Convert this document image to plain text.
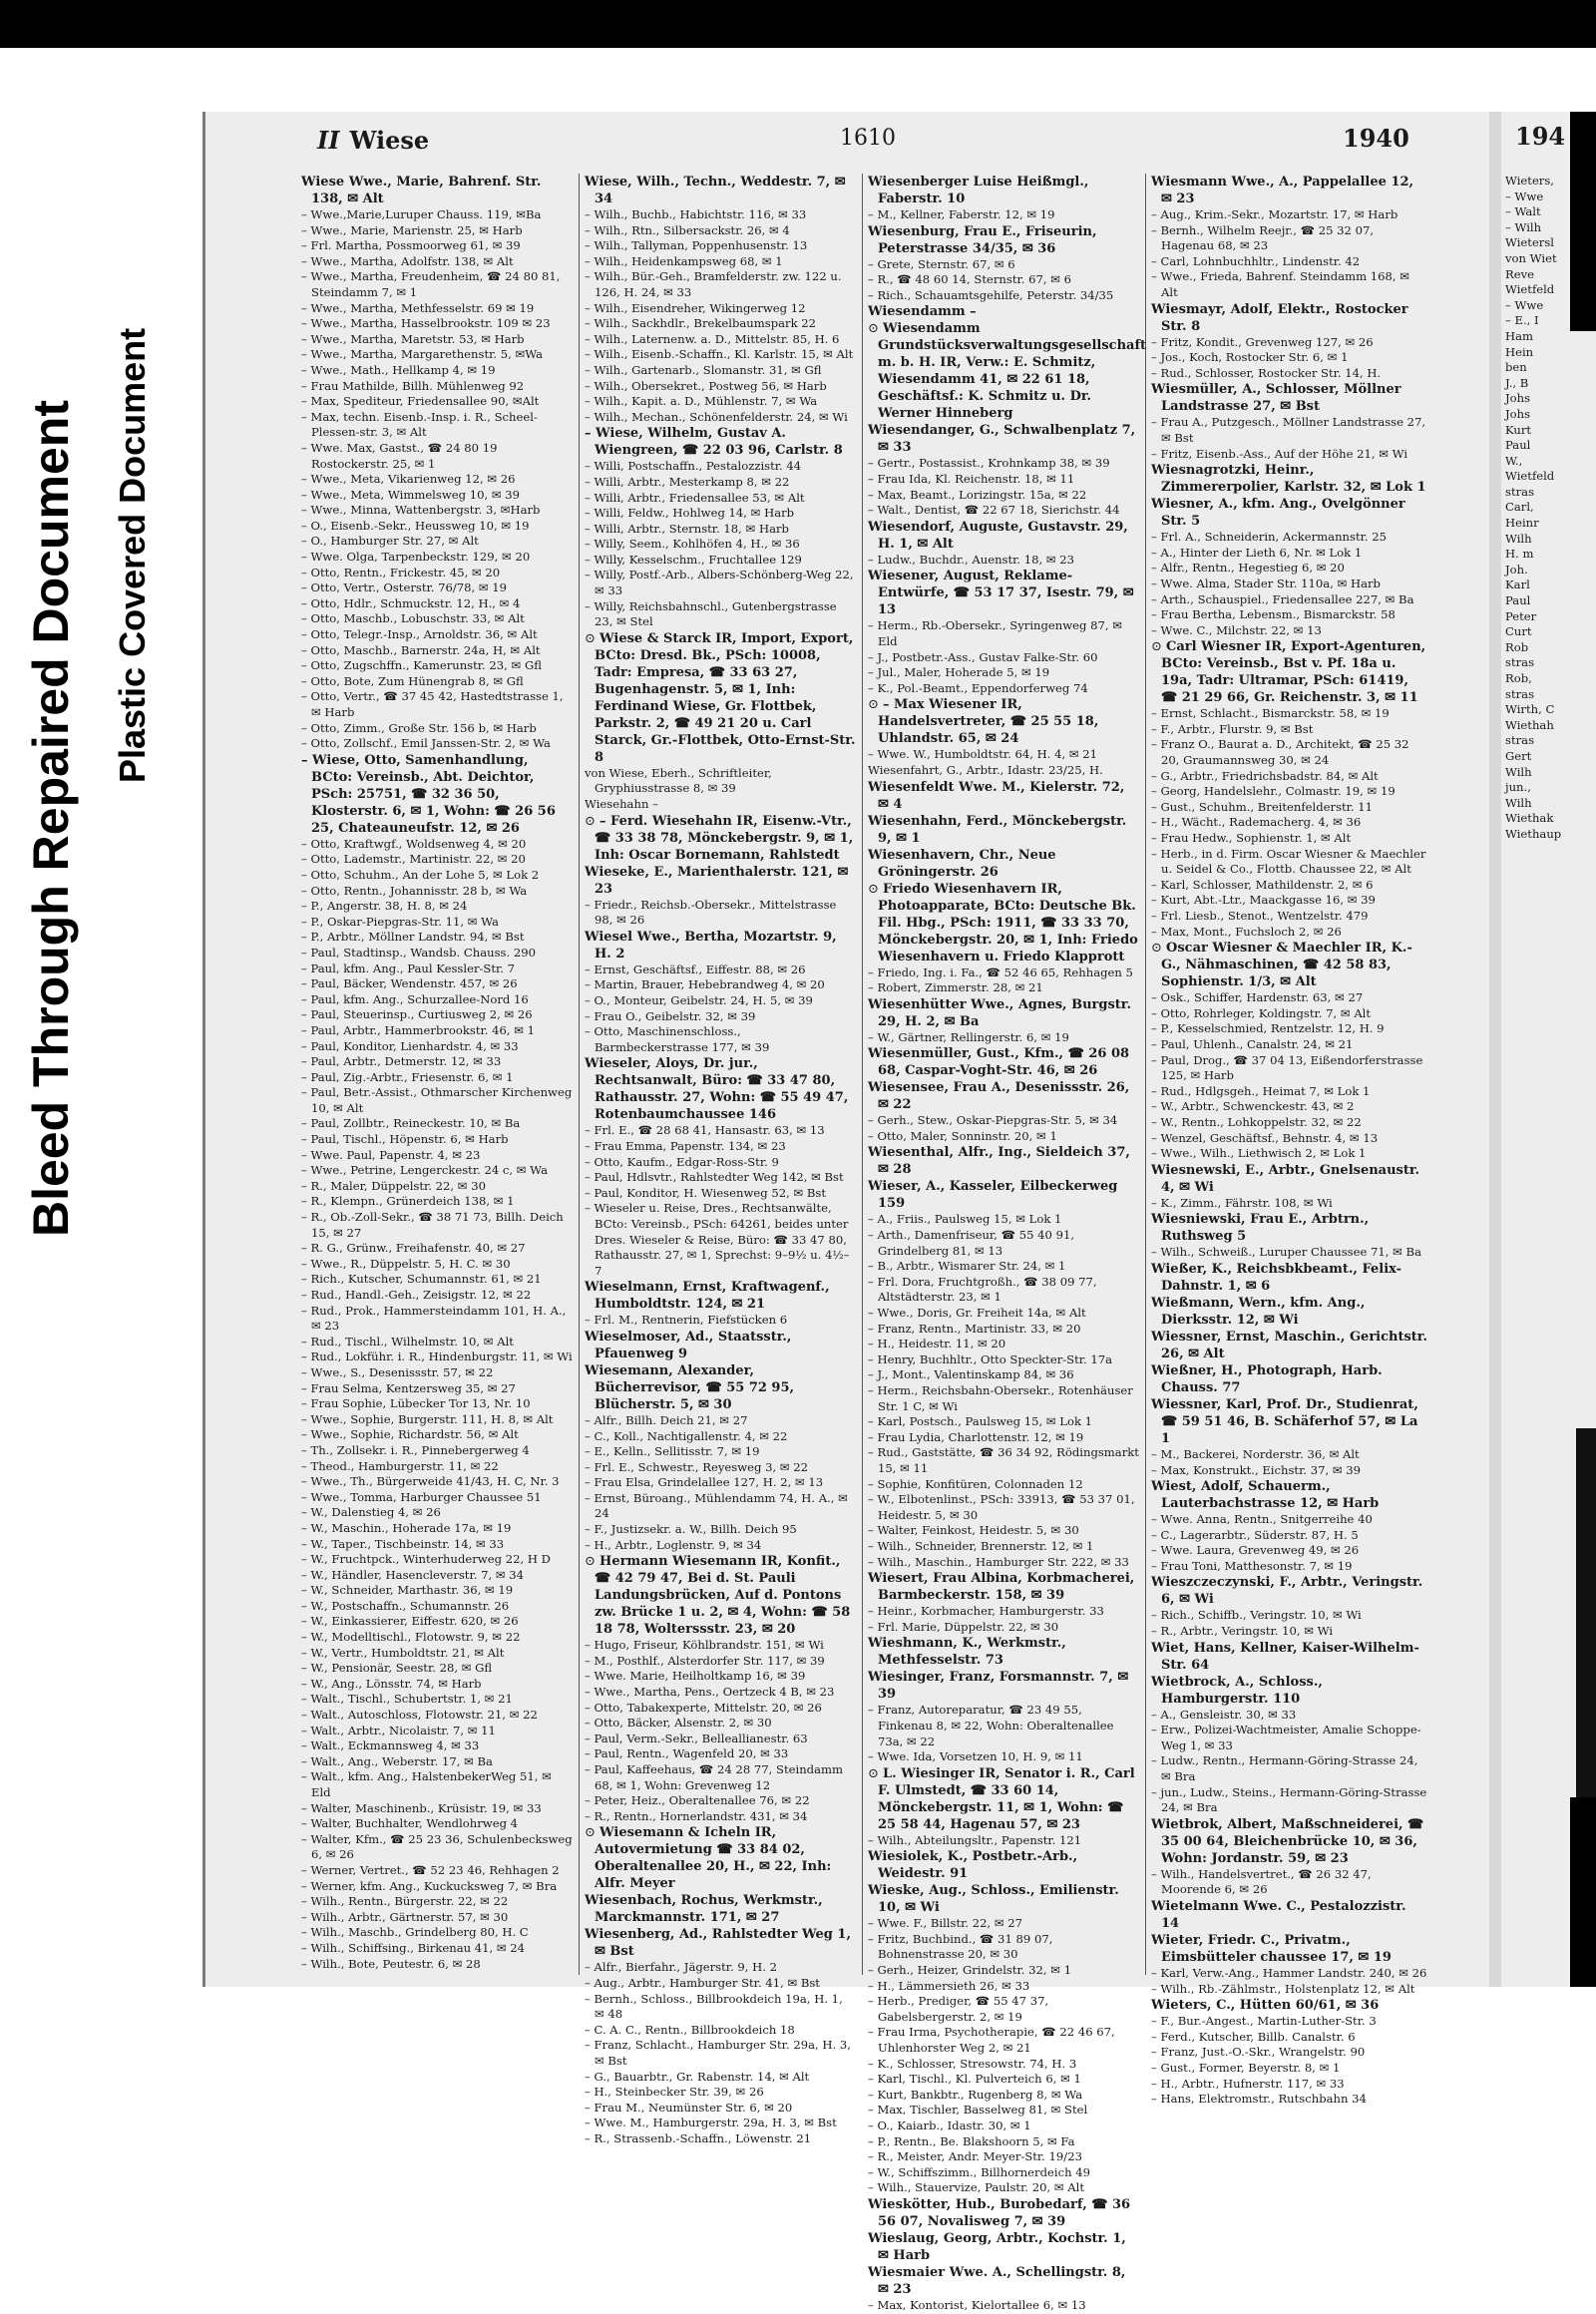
Bleed Through Repaired Document Plastic Covered Document
II Wiese	1610	1940

Wiese Wwe., Marie, Bahrenf. Str. 138, ✉ Alt

– Wwe.,Marie,Luruper Chauss. 119, ✉Ba

– Wwe., Marie, Marienstr. 25, ✉ Harb

– Frl. Martha, Possmoorweg 61, ✉ 39

– Wwe., Martha, Adolfstr. 138, ✉ Alt

– Wwe., Martha, Freudenheim, ☎ 24 80 81, Steindamm 7, ✉ 1

– Wwe., Martha, Methfesselstr. 69 ✉ 19

– Wwe., Martha, Hasselbrookstr. 109 ✉ 23

– Wwe., Martha, Maretstr. 53, ✉ Harb

– Wwe., Martha, Margarethenstr. 5, ✉Wa

– Wwe., Math., Hellkamp 4, ✉ 19

– Frau Mathilde, Billh. Mühlenweg 92

– Max, Spediteur, Friedensallee 90, ✉Alt

– Max, techn. Eisenb.-Insp. i. R., Scheel-Plessen-str. 3, ✉ Alt

– Wwe. Max, Gastst., ☎ 24 80 19 Rostockerstr. 25, ✉ 1

– Wwe., Meta, Vikarienweg 12, ✉ 26

– Wwe., Meta, Wimmelsweg 10, ✉ 39

– Wwe., Minna, Wattenbergstr. 3, ✉Harb

– O., Eisenb.-Sekr., Heussweg 10, ✉ 19

– O., Hamburger Str. 27, ✉ Alt

– Wwe. Olga, Tarpenbeckstr. 129, ✉ 20

– Otto, Rentn., Frickestr. 45, ✉ 20

– Otto, Vertr., Osterstr. 76/78, ✉ 19

– Otto, Hdlr., Schmuckstr. 12, H., ✉ 4

– Otto, Maschb., Lobuschstr. 33, ✉ Alt

– Otto, Telegr.-Insp., Arnoldstr. 36, ✉ Alt

– Otto, Maschb., Barnerstr. 24a, H, ✉ Alt

– Otto, Zugschffn., Kamerunstr. 23, ✉ Gfl

– Otto, Bote, Zum Hünengrab 8, ✉ Gfl

– Otto, Vertr., ☎ 37 45 42, Hastedtstrasse 1, ✉ Harb

– Otto, Zimm., Große Str. 156 b, ✉ Harb

– Otto, Zollschf., Emil Janssen-Str. 2, ✉ Wa

– Wiese, Otto, Samenhandlung, BCto: Vereinsb., Abt. Deichtor, PSch: 25751, ☎ 32 36 50, Klosterstr. 6, ✉ 1, Wohn: ☎ 26 56 25, Chateauneufstr. 12, ✉ 26

– Otto, Kraftwgf., Woldsenweg 4, ✉ 20

– Otto, Lademstr., Martinistr. 22, ✉ 20

– Otto, Schuhm., An der Lohe 5, ✉ Lok 2

– Otto, Rentn., Johannisstr. 28 b, ✉ Wa

– P., Angerstr. 38, H. 8, ✉ 24

– P., Oskar-Piepgras-Str. 11, ✉ Wa

– P., Arbtr., Möllner Landstr. 94, ✉ Bst

– Paul, Stadtinsp., Wandsb. Chauss. 290

– Paul, kfm. Ang., Paul Kessler-Str. 7

– Paul, Bäcker, Wendenstr. 457, ✉ 26

– Paul, kfm. Ang., Schurzallee-Nord 16

– Paul, Steuerinsp., Curtiusweg 2, ✉ 26

– Paul, Arbtr., Hammerbrookstr. 46, ✉ 1

– Paul, Konditor, Lienhardstr. 4, ✉ 33

– Paul, Arbtr., Detmerstr. 12, ✉ 33

– Paul, Zig.-Arbtr., Friesenstr. 6, ✉ 1

– Paul, Betr.-Assist., Othmarscher Kirchenweg 10, ✉ Alt

– Paul, Zollbtr., Reineckestr. 10, ✉ Ba

– Paul, Tischl., Höpenstr. 6, ✉ Harb

– Wwe. Paul, Papenstr. 4, ✉ 23

– Wwe., Petrine, Lengerckestr. 24 c, ✉ Wa

– R., Maler, Düppelstr. 22, ✉ 30

– R., Klempn., Grünerdeich 138, ✉ 1

– R., Ob.-Zoll-Sekr., ☎ 38 71 73, Billh. Deich 15, ✉ 27

– R. G., Grünw., Freihafenstr. 40, ✉ 27

– Wwe., R., Düppelstr. 5, H. C. ✉ 30

– Rich., Kutscher, Schumannstr. 61, ✉ 21

– Rud., Handl.-Geh., Zeisigstr. 12, ✉ 22

– Rud., Prok., Hammersteindamm 101, H. A., ✉ 23

– Rud., Tischl., Wilhelmstr. 10, ✉ Alt

– Rud., Lokführ. i. R., Hindenburgstr. 11, ✉ Wi

– Wwe., S., Desenissstr. 57, ✉ 22

– Frau Selma, Kentzersweg 35, ✉ 27

– Frau Sophie, Lübecker Tor 13, Nr. 10

– Wwe., Sophie, Burgerstr. 111, H. 8, ✉ Alt

– Wwe., Sophie, Richardstr. 56, ✉ Alt

– Th., Zollsekr. i. R., Pinnebergerweg 4

– Theod., Hamburgerstr. 11, ✉ 22

– Wwe., Th., Bürgerweide 41/43, H. C, Nr. 3

– Wwe., Tomma, Harburger Chaussee 51

– W., Dalenstieg 4, ✉ 26

– W., Maschin., Hoherade 17a, ✉ 19

– W., Taper., Tischbeinstr. 14, ✉ 33

– W., Fruchtpck., Winterhuderweg 22, H D

– W., Händler, Hasencleverstr. 7, ✉ 34

– W., Schneider, Marthastr. 36, ✉ 19

– W., Postschaffn., Schumannstr. 26

– W., Einkassierer, Eiffestr. 620, ✉ 26

– W., Modelltischl., Flotowstr. 9, ✉ 22

– W., Vertr., Humboldtstr. 21, ✉ Alt

– W., Pensionär, Seestr. 28, ✉ Gfl

– W., Ang., Lönsstr. 74, ✉ Harb

– Walt., Tischl., Schubertstr. 1, ✉ 21

– Walt., Autoschloss, Flotowstr. 21, ✉ 22

– Walt., Arbtr., Nicolaistr. 7, ✉ 11

– Walt., Eckmannsweg 4, ✉ 33

– Walt., Ang., Weberstr. 17, ✉ Ba

– Walt., kfm. Ang., HalstenbekerWeg 51, ✉ Eld

– Walter, Maschinenb., Krüsistr. 19, ✉ 33

– Walter, Buchhalter, Wendlohrweg 4

– Walter, Kfm., ☎ 25 23 36, Schulenbecksweg 6, ✉ 26

– Werner, Vertret., ☎ 52 23 46, Rehhagen 2

– Werner, kfm. Ang., Kuckucksweg 7, ✉ Bra

– Wilh., Rentn., Bürgerstr. 22, ✉ 22

– Wilh., Arbtr., Gärtnerstr. 57, ✉ 30

– Wilh., Maschb., Grindelberg 80, H. C

– Wilh., Schiffsing., Birkenau 41, ✉ 24

– Wilh., Bote, Peutestr. 6, ✉ 28

Wiese, Wilh., Techn., Weddestr. 7, ✉ 34

– Wilh., Buchb., Habichtstr. 116, ✉ 33

– Wilh., Rtn., Silbersackstr. 26, ✉ 4

– Wilh., Tallyman, Poppenhusenstr. 13

– Wilh., Heidenkampsweg 68, ✉ 1

– Wilh., Bür.-Geh., Bramfelderstr. zw. 122 u. 126, H. 24, ✉ 33

– Wilh., Eisendreher, Wikingerweg 12

– Wilh., Sackhdlr., Brekelbaumspark 22

– Wilh., Laternenw. a. D., Mittelstr. 85, H. 6

– Wilh., Eisenb.-Schaffn., Kl. Karlstr. 15, ✉ Alt

– Wilh., Gartenarb., Slomanstr. 31, ✉ Gfl

– Wilh., Obersekret., Postweg 56, ✉ Harb

– Wilh., Kapit. a. D., Mühlenstr. 7, ✉ Wa

– Wilh., Mechan., Schönenfelderstr. 24, ✉ Wi

– Wiese, Wilhelm, Gustav A. Wiengreen, ☎ 22 03 96, Carlstr. 8

– Willi, Postschaffn., Pestalozzistr. 44

– Willi, Arbtr., Mesterkamp 8, ✉ 22

– Willi, Arbtr., Friedensallee 53, ✉ Alt

– Willi, Feldw., Hohlweg 14, ✉ Harb

– Willi, Arbtr., Sternstr. 18, ✉ Harb

– Willy, Seem., Kohlhöfen 4, H., ✉ 36

– Willy, Kesselschm., Fruchtallee 129

– Willy, Postf.-Arb., Albers-Schönberg-Weg 22, ✉ 33

– Willy, Reichsbahnschl., Gutenbergstrasse 23, ✉ Stel

⊙ Wiese & Starck IR, Import, Export, BCto: Dresd. Bk., PSch: 10008, Tadr: Empresa, ☎ 33 63 27, Bugenhagenstr. 5, ✉ 1, Inh: Ferdinand Wiese, Gr. Flottbek, Parkstr. 2, ☎ 49 21 20 u. Carl Starck, Gr.-Flottbek, Otto-Ernst-Str. 8

von Wiese, Eberh., Schriftleiter, Gryphiusstrasse 8, ✉ 39

Wiesehahn –

⊙ – Ferd. Wiesehahn IR, Eisenw.-Vtr., ☎ 33 38 78, Mönckebergstr. 9, ✉ 1, Inh: Oscar Bornemann, Rahlstedt

Wieseke, E., Marienthalerstr. 121, ✉ 23

– Friedr., Reichsb.-Obersekr., Mittelstrasse 98, ✉ 26

Wiesel Wwe., Bertha, Mozartstr. 9, H. 2

– Ernst, Geschäftsf., Eiffestr. 88, ✉ 26

– Martin, Brauer, Hebebrandweg 4, ✉ 20

– O., Monteur, Geibelstr. 24, H. 5, ✉ 39

– Frau O., Geibelstr. 32, ✉ 39

– Otto, Maschinenschloss., Barmbeckerstrasse 177, ✉ 39

Wieseler, Aloys, Dr. jur., Rechtsanwalt, Büro: ☎ 33 47 80, Rathausstr. 27, Wohn: ☎ 55 49 47, Rotenbaumchaussee 146

– Frl. E., ☎ 28 68 41, Hansastr. 63, ✉ 13

– Frau Emma, Papenstr. 134, ✉ 23

– Otto, Kaufm., Edgar-Ross-Str. 9

– Paul, Hdlsvtr., Rahlstedter Weg 142, ✉ Bst

– Paul, Konditor, H. Wiesenweg 52, ✉ Bst

– Wieseler u. Reise, Dres., Rechtsanwälte, BCto: Vereinsb., PSch: 64261, beides unter Dres. Wieseler & Reise, Büro: ☎ 33 47 80, Rathausstr. 27, ✉ 1, Sprechst: 9–9½ u. 4½–7

Wieselmann, Ernst, Kraftwagenf., Humboldtstr. 124, ✉ 21

– Frl. M., Rentnerin, Fiefstücken 6

Wieselmoser, Ad., Staatsstr., Pfauenweg 9

Wiesemann, Alexander, Bücherrevisor, ☎ 55 72 95, Blücherstr. 5, ✉ 30

– Alfr., Billh. Deich 21, ✉ 27

– C., Koll., Nachtigallenstr. 4, ✉ 22

– E., Kelln., Sellitisstr. 7, ✉ 19

– Frl. E., Schwestr., Reyesweg 3, ✉ 22

– Frau Elsa, Grindelallee 127, H. 2, ✉ 13

– Ernst, Büroang., Mühlendamm 74, H. A., ✉ 24

– F., Justizsekr. a. W., Billh. Deich 95

– H., Arbtr., Loglenstr. 9, ✉ 34

⊙ Hermann Wiesemann IR, Konfit., ☎ 42 79 47, Bei d. St. Pauli Landungsbrücken, Auf d. Pontons zw. Brücke 1 u. 2, ✉ 4, Wohn: ☎ 58 18 78, Wolterssstr. 23, ✉ 20

– Hugo, Friseur, Köhlbrandstr. 151, ✉ Wi

– M., Posthlf., Alsterdorfer Str. 117, ✉ 39

– Wwe. Marie, Heilholtkamp 16, ✉ 39

– Wwe., Martha, Pens., Oertzeck 4 B, ✉ 23

– Otto, Tabakexperte, Mittelstr. 20, ✉ 26

– Otto, Bäcker, Alsenstr. 2, ✉ 30

– Paul, Verm.-Sekr., Belleallianestr. 63

– Paul, Rentn., Wagenfeld 20, ✉ 33

– Paul, Kaffeehaus, ☎ 24 28 77, Steindamm 68, ✉ 1, Wohn: Grevenweg 12

– Peter, Heiz., Oberaltenallee 76, ✉ 22

– R., Rentn., Hornerlandstr. 431, ✉ 34

⊙ Wiesemann & Icheln IR, Autovermietung ☎ 33 84 02, Oberaltenallee 20, H., ✉ 22, Inh: Alfr. Meyer

Wiesenbach, Rochus, Werkmstr., Marckmannstr. 171, ✉ 27

Wiesenberg, Ad., Rahlstedter Weg 1, ✉ Bst

– Alfr., Bierfahr., Jägerstr. 9, H. 2

– Aug., Arbtr., Hamburger Str. 41, ✉ Bst

– Bernh., Schloss., Billbrookdeich 19a, H. 1, ✉ 48

– C. A. C., Rentn., Billbrookdeich 18

– Franz, Schlacht., Hamburger Str. 29a, H. 3, ✉ Bst

– G., Bauarbtr., Gr. Rabenstr. 14, ✉ Alt

– H., Steinbecker Str. 39, ✉ 26

– Frau M., Neumünster Str. 6, ✉ 20

– Wwe. M., Hamburgerstr. 29a, H. 3, ✉ Bst

– R., Strassenb.-Schaffn., Löwenstr. 21

Wiesenberger Luise Heißmgl., Faberstr. 10

– M., Kellner, Faberstr. 12, ✉ 19

Wiesenburg, Frau E., Friseurin, Peterstrasse 34/35, ✉ 36

– Grete, Sternstr. 67, ✉ 6

– R., ☎ 48 60 14, Sternstr. 67, ✉ 6

– Rich., Schauamtsgehilfe, Peterstr. 34/35

Wiesendamm –

⊙ Wiesendamm Grundstücksverwaltungsgesellschaft m. b. H. IR, Verw.: E. Schmitz, Wiesendamm 41, ✉ 22 61 18, Geschäftsf.: K. Schmitz u. Dr. Werner Hinneberg

Wiesendanger, G., Schwalbenplatz 7, ✉ 33

– Gertr., Postassist., Krohnkamp 38, ✉ 39

– Frau Ida, Kl. Reichenstr. 18, ✉ 11

– Max, Beamt., Lorizingstr. 15a, ✉ 22

– Walt., Dentist, ☎ 22 67 18, Sierichstr. 44

Wiesendorf, Auguste, Gustavstr. 29, H. 1, ✉ Alt

– Ludw., Buchdr., Auenstr. 18, ✉ 23

Wiesener, August, Reklame-Entwürfe, ☎ 53 17 37, Isestr. 79, ✉ 13

– Herm., Rb.-Obersekr., Syringenweg 87, ✉ Eld

– J., Postbetr.-Ass., Gustav Falke-Str. 60

– Jul., Maler, Hoherade 5, ✉ 19

– K., Pol.-Beamt., Eppendorferweg 74

⊙ – Max Wiesener IR, Handelsvertreter, ☎ 25 55 18, Uhlandstr. 65, ✉ 24

– Wwe. W., Humboldtstr. 64, H. 4, ✉ 21

Wiesenfahrt, G., Arbtr., Idastr. 23/25, H.

Wiesenfeldt Wwe. M., Kielerstr. 72, ✉ 4

Wiesenhahn, Ferd., Mönckebergstr. 9, ✉ 1

Wiesenhavern, Chr., Neue Gröningerstr. 26

⊙ Friedo Wiesenhavern IR, Photoapparate, BCto: Deutsche Bk. Fil. Hbg., PSch: 1911, ☎ 33 33 70, Mönckebergstr. 20, ✉ 1, Inh: Friedo Wiesenhavern u. Friedo Klapprott

– Friedo, Ing. i. Fa., ☎ 52 46 65, Rehhagen 5

– Robert, Zimmerstr. 28, ✉ 21

Wiesenhütter Wwe., Agnes, Burgstr. 29, H. 2, ✉ Ba

– W., Gärtner, Rellingerstr. 6, ✉ 19

Wiesenmüller, Gust., Kfm., ☎ 26 08 68, Caspar-Voght-Str. 46, ✉ 26

Wiesensee, Frau A., Desenissstr. 26, ✉ 22

– Gerh., Stew., Oskar-Piepgras-Str. 5, ✉ 34

– Otto, Maler, Sonninstr. 20, ✉ 1

Wiesenthal, Alfr., Ing., Sieldeich 37, ✉ 28

Wieser, A., Kasseler, Eilbeckerweg 159

– A., Friis., Paulsweg 15, ✉ Lok 1

– Arth., Damenfriseur, ☎ 55 40 91, Grindelberg 81, ✉ 13

– B., Arbtr., Wismarer Str. 24, ✉ 1

– Frl. Dora, Fruchtgroßh., ☎ 38 09 77, Altstädterstr. 23, ✉ 1

– Wwe., Doris, Gr. Freiheit 14a, ✉ Alt

– Franz, Rentn., Martinistr. 33, ✉ 20

– H., Heidestr. 11, ✉ 20

– Henry, Buchhltr., Otto Speckter-Str. 17a

– J., Mont., Valentinskamp 84, ✉ 36

– Herm., Reichsbahn-Obersekr., Rotenhäuser Str. 1 C, ✉ Wi

– Karl, Postsch., Paulsweg 15, ✉ Lok 1

– Frau Lydia, Charlottenstr. 12, ✉ 19

– Rud., Gaststätte, ☎ 36 34 92, Rödingsmarkt 15, ✉ 11

– Sophie, Konfitüren, Colonnaden 12

– W., Elbotenlinst., PSch: 33913, ☎ 53 37 01, Heidestr. 5, ✉ 30

– Walter, Feinkost, Heidestr. 5, ✉ 30

– Wilh., Schneider, Brennerstr. 12, ✉ 1

– Wilh., Maschin., Hamburger Str. 222, ✉ 33

Wiesert, Frau Albina, Korbmacherei, Barmbeckerstr. 158, ✉ 39

– Heinr., Korbmacher, Hamburgerstr. 33

– Frl. Marie, Düppelstr. 22, ✉ 30

Wieshmann, K., Werkmstr., Methfesselstr. 73

Wiesinger, Franz, Forsmannstr. 7, ✉ 39

– Franz, Autoreparatur, ☎ 23 49 55, Finkenau 8, ✉ 22, Wohn: Oberaltenallee 73a, ✉ 22

– Wwe. Ida, Vorsetzen 10, H. 9, ✉ 11

⊙ L. Wiesinger IR, Senator i. R., Carl F. Ulmstedt, ☎ 33 60 14, Mönckebergstr. 11, ✉ 1, Wohn: ☎ 25 58 44, Hagenau 57, ✉ 23

– Wilh., Abteilungsltr., Papenstr. 121

Wiesiolek, K., Postbetr.-Arb., Weidestr. 91

Wieske, Aug., Schloss., Emilienstr. 10, ✉ Wi

– Wwe. F., Billstr. 22, ✉ 27

– Fritz, Buchbind., ☎ 31 89 07, Bohnenstrasse 20, ✉ 30

– Gerh., Heizer, Grindelstr. 32, ✉ 1

– H., Lämmersieth 26, ✉ 33

– Herb., Prediger, ☎ 55 47 37, Gabelsbergerstr. 2, ✉ 19

– Frau Irma, Psychotherapie, ☎ 22 46 67, Uhlenhorster Weg 2, ✉ 21

– K., Schlosser, Stresowstr. 74, H. 3

– Karl, Tischl., Kl. Pulverteich 6, ✉ 1

– Kurt, Bankbtr., Rugenberg 8, ✉ Wa

– Max, Tischler, Basselweg 81, ✉ Stel

– O., Kaiarb., Idastr. 30, ✉ 1

– P., Rentn., Be. Blakshoorn 5, ✉ Fa

– R., Meister, Andr. Meyer-Str. 19/23

– W., Schiffszimm., Billhornerdeich 49

– Wilh., Stauervize, Paulstr. 20, ✉ Alt

Wieskötter, Hub., Burobedarf, ☎ 36 56 07, Novalisweg 7, ✉ 39

Wieslaug, Georg, Arbtr., Kochstr. 1, ✉ Harb

Wiesmaier Wwe. A., Schellingstr. 8, ✉ 23

– Max, Kontorist, Kielortallee 6, ✉ 13

Wiesmann Wwe., A., Pappelallee 12, ✉ 23

– Aug., Krim.-Sekr., Mozartstr. 17, ✉ Harb

– Bernh., Wilhelm Reejr., ☎ 25 32 07, Hagenau 68, ✉ 23

– Carl, Lohnbuchhltr., Lindenstr. 42

– Wwe., Frieda, Bahrenf. Steindamm 168, ✉ Alt

Wiesmayr, Adolf, Elektr., Rostocker Str. 8

– Fritz, Kondit., Grevenweg 127, ✉ 26

– Jos., Koch, Rostocker Str. 6, ✉ 1

– Rud., Schlosser, Rostocker Str. 14, H.

Wiesmüller, A., Schlosser, Möllner Landstrasse 27, ✉ Bst

– Frau A., Putzgesch., Möllner Landstrasse 27, ✉ Bst

– Fritz, Eisenb.-Ass., Auf der Höhe 21, ✉ Wi

Wiesnagrotzki, Heinr., Zimmererpolier, Karlstr. 32, ✉ Lok 1

Wiesner, A., kfm. Ang., Ovelgönner Str. 5

– Frl. A., Schneiderin, Ackermannstr. 25

– A., Hinter der Lieth 6, Nr. ✉ Lok 1

– Alfr., Rentn., Hegestieg 6, ✉ 20

– Wwe. Alma, Stader Str. 110a, ✉ Harb

– Arth., Schauspiel., Friedensallee 227, ✉ Ba

– Frau Bertha, Lebensm., Bismarckstr. 58

– Wwe. C., Milchstr. 22, ✉ 13

⊙ Carl Wiesner IR, Export-Agenturen, BCto: Vereinsb., Bst v. Pf. 18a u. 19a, Tadr: Ultramar, PSch: 61419, ☎ 21 29 66, Gr. Reichenstr. 3, ✉ 11

– Ernst, Schlacht., Bismarckstr. 58, ✉ 19

– F., Arbtr., Flurstr. 9, ✉ Bst

– Franz O., Baurat a. D., Architekt, ☎ 25 32 20, Graumannsweg 30, ✉ 24

– G., Arbtr., Friedrichsbadstr. 84, ✉ Alt

– Georg, Handelslehr., Colmastr. 19, ✉ 19

– Gust., Schuhm., Breitenfelderstr. 11

– H., Wächt., Rademacherg. 4, ✉ 36

– Frau Hedw., Sophienstr. 1, ✉ Alt

– Herb., in d. Firm. Oscar Wiesner & Maechler u. Seidel & Co., Flottb. Chaussee 22, ✉ Alt

– Karl, Schlosser, Mathildenstr. 2, ✉ 6

– Kurt, Abt.-Ltr., Maackgasse 16, ✉ 39

– Frl. Liesb., Stenot., Wentzelstr. 479

– Max, Mont., Fuchsloch 2, ✉ 26

⊙ Oscar Wiesner & Maechler IR, K.-G., Nähmaschinen, ☎ 42 58 83, Sophienstr. 1/3, ✉ Alt

– Osk., Schiffer, Hardenstr. 63, ✉ 27

– Otto, Rohrleger, Koldingstr. 7, ✉ Alt

– P., Kesselschmied, Rentzelstr. 12, H. 9

– Paul, Uhlenh., Canalstr. 24, ✉ 21

– Paul, Drog., ☎ 37 04 13, Eißendorferstrasse 125, ✉ Harb

– Rud., Hdlgsgeh., Heimat 7, ✉ Lok 1

– W., Arbtr., Schwenckestr. 43, ✉ 2

– W., Rentn., Lohkoppelstr. 32, ✉ 22

– Wenzel, Geschäftsf., Behnstr. 4, ✉ 13

– Wwe., Wilh., Liethwisch 2, ✉ Lok 1

Wiesnewski, E., Arbtr., Gnelsenaustr. 4, ✉ Wi

– K., Zimm., Fährstr. 108, ✉ Wi

Wiesniewski, Frau E., Arbtrn., Ruthsweg 5

– Wilh., Schweiß., Luruper Chaussee 71, ✉ Ba

Wießer, K., Reichsbkbeamt., Felix-Dahnstr. 1, ✉ 6

Wießmann, Wern., kfm. Ang., Dierksstr. 12, ✉ Wi

Wiessner, Ernst, Maschin., Gerichtstr. 26, ✉ Alt

Wießner, H., Photograph, Harb. Chauss. 77

Wiessner, Karl, Prof. Dr., Studienrat, ☎ 59 51 46, B. Schäferhof 57, ✉ La 1

– M., Backerei, Norderstr. 36, ✉ Alt

– Max, Konstrukt., Eichstr. 37, ✉ 39

Wiest, Adolf, Schauerm., Lauterbachstrasse 12, ✉ Harb

– Wwe. Anna, Rentn., Snitgerreihe 40

– C., Lagerarbtr., Süderstr. 87, H. 5

– Wwe. Laura, Grevenweg 49, ✉ 26

– Frau Toni, Matthesonstr. 7, ✉ 19

Wieszczeczynski, F., Arbtr., Veringstr. 6, ✉ Wi

– Rich., Schiffb., Veringstr. 10, ✉ Wi

– R., Arbtr., Veringstr. 10, ✉ Wi

Wiet, Hans, Kellner, Kaiser-Wilhelm-Str. 64

Wietbrock, A., Schloss., Hamburgerstr. 110

– A., Gensleistr. 30, ✉ 33

– Erw., Polizei-Wachtmeister, Amalie Schoppe-Weg 1, ✉ 33

– Ludw., Rentn., Hermann-Göring-Strasse 24, ✉ Bra

– jun., Ludw., Steins., Hermann-Göring-Strasse 24, ✉ Bra

Wietbrok, Albert, Maßschneiderei, ☎ 35 00 64, Bleichenbrücke 10, ✉ 36, Wohn: Jordanstr. 59, ✉ 23

– Wilh., Handelsvertret., ☎ 26 32 47, Moorende 6, ✉ 26

Wietelmann Wwe. C., Pestalozzistr. 14

Wieter, Friedr. C., Privatm., Eimsbütteler chaussee 17, ✉ 19

– Karl, Verw.-Ang., Hammer Landstr. 240, ✉ 26

– Wilh., Rb.-Zählmstr., Holstenplatz 12, ✉ Alt

Wieters, C., Hütten 60/61, ✉ 36

– F., Bur.-Angest., Martin-Luther-Str. 3

– Ferd., Kutscher, Billb. Canalstr. 6

– Franz, Just.-O.-Skr., Wrangelstr. 90

– Gust., Former, Beyerstr. 8, ✉ 1

– H., Arbtr., Hufnerstr. 117, ✉ 33

– Hans, Elektromstr., Rutschbahn 34

194
Wieters,
– Wwe
– Walt
– Wilh
Wietersl
von Wiet
Reve
Wietfeld
– Wwe
– E., I
Ham
Hein
ben
J., B
Johs
Johs
Kurt
Paul
W.,
Wietfeld
stras
Carl,
Heinr
Wilh
H. m
Joh.
Karl
Paul
Peter
Curt
Rob
stras
Rob,
stras
Wirth, C
Wiethah
stras
Gert
Wilh
jun.,
Wilh
Wiethak
Wiethaup
